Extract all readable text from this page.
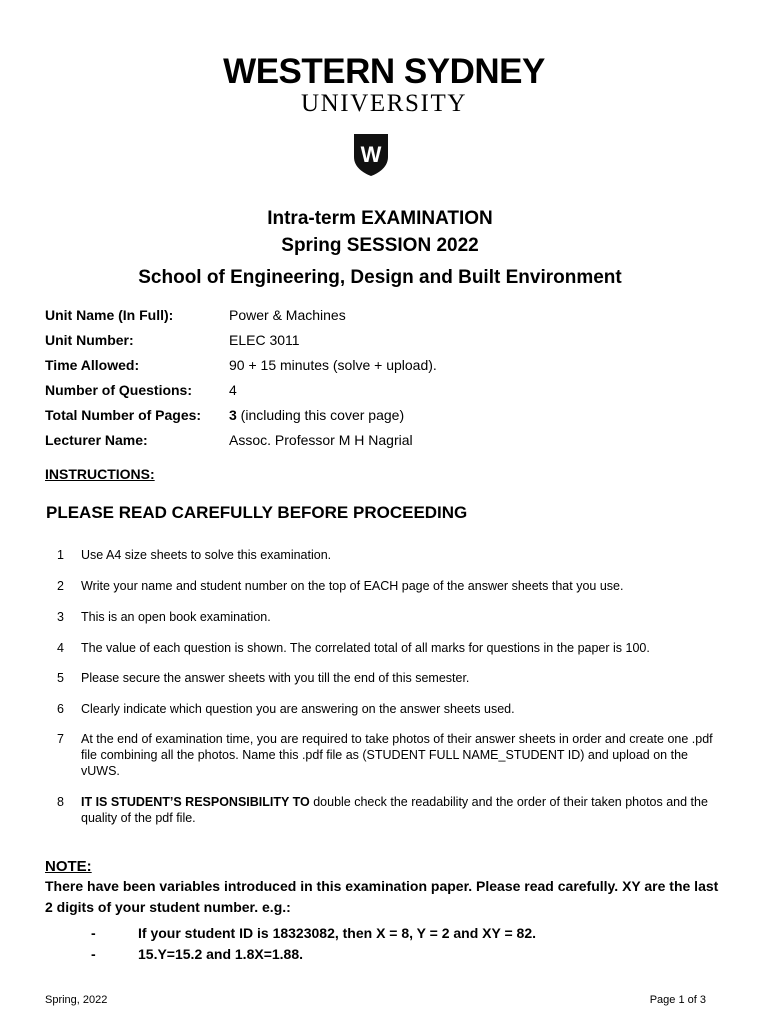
WESTERN SYDNEY
UNIVERSITY
W
Intra-term EXAMINATION
Spring SESSION 2022
School of Engineering, Design and Built Environment
Unit Name (In Full):	Power & Machines
Unit Number:	ELEC 3011
Time Allowed:	90 + 15 minutes (solve + upload).
Number of Questions:	4
Total Number of Pages: 3 (including this cover page)
Lecturer Name:	Assoc. Professor M H Nagrial
INSTRUCTIONS:
PLEASE READ CAREFULLY BEFORE PROCEEDING
1 Use A4 size sheets to solve this examination.
2 Write your name and student number on the top of EACH page of the answer sheets that you use.
3 This is an open book examination.
4 The value of each question is shown. The correlated total of all marks for questions in the paper is 100.
5 Please secure the answer sheets with you till the end of this semester.
6 Clearly indicate which question you are answering on the answer sheets used.
7 At the end of examination time, you are required to take photos of their answer sheets in order and create one .pdf file combining all the photos. Name this .pdf file as (STUDENT FULL NAME_STUDENT ID) and upload on the vUWS.
8 IT IS STUDENT’S RESPONSIBILITY TO double check the readability and the order of their taken photos and the quality of the pdf file.
NOTE:
There have been variables introduced in this examination paper. Please read carefully. XY are the last 2 digits of your student number. e.g.:
-	If your student ID is 18323082, then X = 8, Y = 2 and XY = 82.
-	15.Y=15.2 and 1.8X=1.88.
Spring, 2022	Page 1 of 3
